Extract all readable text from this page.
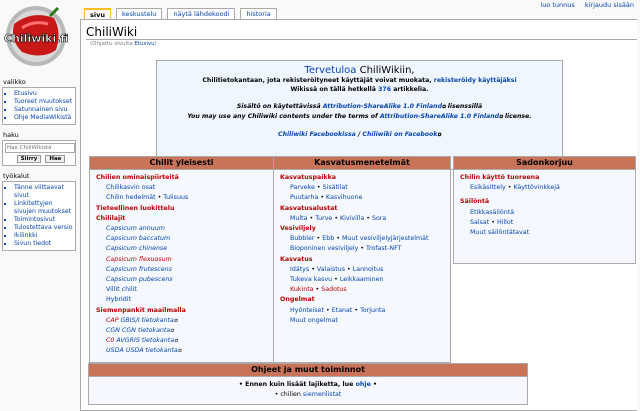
Chiliwiki.fi
luo tunnus kirjaudu sisään
sivu	keskustelu	näytä lähdekoodi	historia
ChiliWiki
(Ohjattu sivulta Etusivu)

Tervetuloa ChiliWikiin,

Chilitietokantaan, jota rekisteröityneet käyttäjät voivat muokata, rekisteröidy käyttäjäksi

Wikissä on tällä hetkellä 376 artikkelia.

Sisältö on käytettävissä Attribution-ShareAlike 1.0 Finland⧉ lisenssillä

You may use any Chiliwiki contents under the terms of Attribution-ShareAlike 1.0 Finland⧉ license.

Chiliwiki Facebookissa / Chiliwiki on Facebook⧉

Chilit yleisesti
Chilien ominaispiirteitä
Chilikasvin osat
Chilin hedelmät • Tulisuus
Tieteellinen luokittelu
Chililajit
Capsicum annuum
Capsicum baccatum
Capsicum chinense
Capsicum flexuosum
Capsicum frutescens
Capsicum pubescens
Villit chilit
Hybridit
Siemenpankit maailmalla
CAP GBIS/I tietokanta⧉
CGN CGN tietokanta⧉
C0 AVGRIS tietokanta⧉
USDA USDA tietokanta⧉
Kasvatusmenetelmät
Kasvatuspaikka
Parveke • Sisätilat
Puutarha • Kasvihuone
Kasvatusalustat
Multa • Turve • Kivivilla • Sora
Vesiviljely
Bubbler • Ebb • Muut vesiviljelyjärjestelmät
Bioponinen vesiviljely • Trofast-NFT
Kasvatus
Idätys • Valaistus • Lannoitus
Tukeva kasvu • Leikkaaminen
Kukinta • Sadotus
Ongelmat
Hyönteiset • Etanat • Torjunta
Muut ongelmat
Sadonkorjuu
Chilin käyttö tuoreena
Esikäsittely • Käyttövinkkejä
Säilöntä
Etikkasäilöntä
Salsat • Hillot
Muut säilöntätavat
Ohjeet ja muut toiminnot
• Ennen kuin lisäät lajiketta, lue ohje •
• chilien siemenlistat
valikko
▪ Etusivu
▪ Tuoreet muutokset
▪ Satunnainen sivu
▪ Ohje MediaWikistä
haku
Hae ChiliWikistä
Siirry Hae
työkalut
▪ Tänne viittaavat sivut
▪ Linkitettyjen sivujen muutokset
▪ Toimintosivut
▪ Tulostettava versio
▪ Ikilinkki
▪ Sivun tiedot
